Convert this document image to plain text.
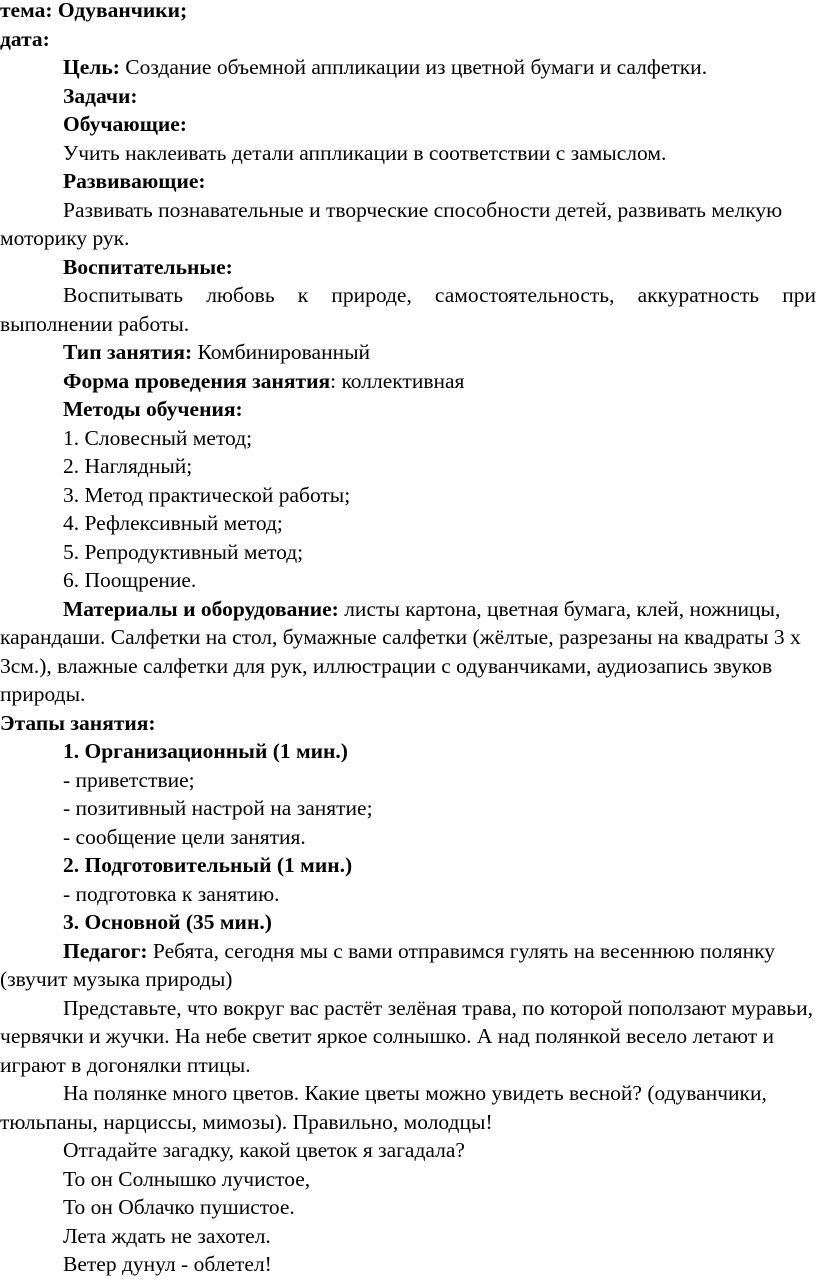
тема: Одуванчики;

дата:

Цель: Создание объемной аппликации из цветной бумаги и салфетки.

Задачи:

Обучающие:

Учить наклеивать детали аппликации в соответствии с замыслом.

Развивающие:

Развивать познавательные и творческие способности детей, развивать мелкую моторику рук.

Воспитательные:

Воспитывать любовь к природе, самостоятельность, аккуратность при выполнении работы.

Тип занятия: Комбинированный

Форма проведения занятия: коллективная

Методы обучения:

1. Словесный метод;

2. Наглядный;

3. Метод практической работы;

4. Рефлексивный метод;

5. Репродуктивный метод;

6. Поощрение.

Материалы и оборудование: листы картона, цветная бумага, клей, ножницы, карандаши. Салфетки на стол, бумажные салфетки (жёлтые, разрезаны на квадраты 3 х 3см.), влажные салфетки для рук, иллюстрации с одуванчиками, аудиозапись звуков природы.

Этапы занятия:

1. Организационный (1 мин.)

- приветствие;

- позитивный настрой на занятие;

- сообщение цели занятия.

2. Подготовительный (1 мин.)

- подготовка к занятию.

3. Основной (35 мин.)

Педагог: Ребята, сегодня мы с вами отправимся гулять на весеннюю полянку (звучит музыка природы)

Представьте, что вокруг вас растёт зелёная трава, по которой поползают муравьи, червячки и жучки. На небе светит яркое солнышко. А над полянкой весело летают и играют в догонялки птицы.

На полянке много цветов. Какие цветы можно увидеть весной? (одуванчики, тюльпаны, нарциссы, мимозы). Правильно, молодцы!

Отгадайте загадку, какой цветок я загадала?

То он Солнышко лучистое,

То он Облачко пушистое.

Лета ждать не захотел.

Ветер дунул - облетел!
